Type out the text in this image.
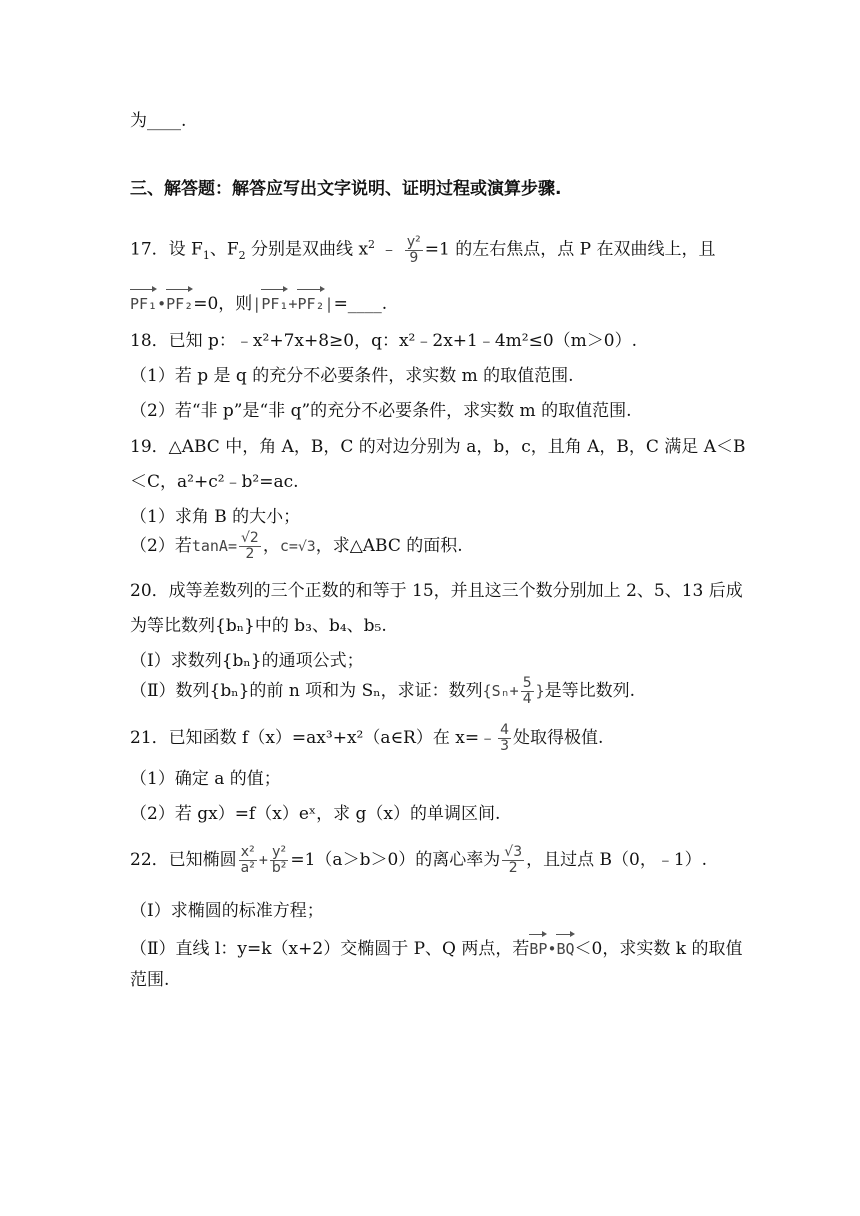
为____.
三、解答题：解答应写出文字说明、证明过程或演算步骤.
17．设 $F_1$、$F_2$ 分别是双曲线 $x^2$ ﹣ $\frac{\text{y²}}{9} =1$ 的左右焦点，点 P 在双曲线上，且
PF₁•PF₂=0，则|PF₁+PF₂|=____.
18．已知 p：﹣x²+7x+8≥0，q：x²﹣2x+1﹣4m²≤0（m＞0）.
（1）若 p 是 q 的充分不必要条件，求实数 m 的取值范围.
（2）若“非 p”是“非 q”的充分不必要条件，求实数 m 的取值范围.
19．△ABC 中，角 A，B，C 的对边分别为 a，b，c，且角 A，B，C 满足 A＜B
＜C，a²+c²﹣b²=ac.
（1）求角 B 的大小；
（2）若$\tan A= \frac{√2}{2}$ ，c=√3，求△ABC 的面积.
20．成等差数列的三个正数的和等于 15，并且这三个数分别加上 2、5、13 后成
为等比数列{bₙ}中的 b₃、b₄、b₅.
（Ⅰ）求数列{bₙ}的通项公式；
（Ⅱ）数列{bₙ}的前 n 项和为 Sₙ，求证：数列{$S_n+ \frac{5}{4}$ }是等比数列.
21．已知函数 f（x）=ax³+x²（a∈R）在 x=﹣ $\frac{4}{3}$ 处取得极值.
（1）确定 a 的值；
（2）若 gx）=f（x）eˣ，求 g（x）的单调区间.
22．已知椭圆 $\frac{\text{x²}}{\text{a²}} + \frac{\text{y²}}{\text{b²}} =1(a>b>0)$的离心率为 $\frac{√3}{2}$ ，且过点 B（0，﹣1）.
（Ⅰ）求椭圆的标准方程；
（Ⅱ）直线 l：y=k（x+2）交椭圆于 P、Q 两点，若BP•BQ＜0，求实数 k 的取值
范围.
